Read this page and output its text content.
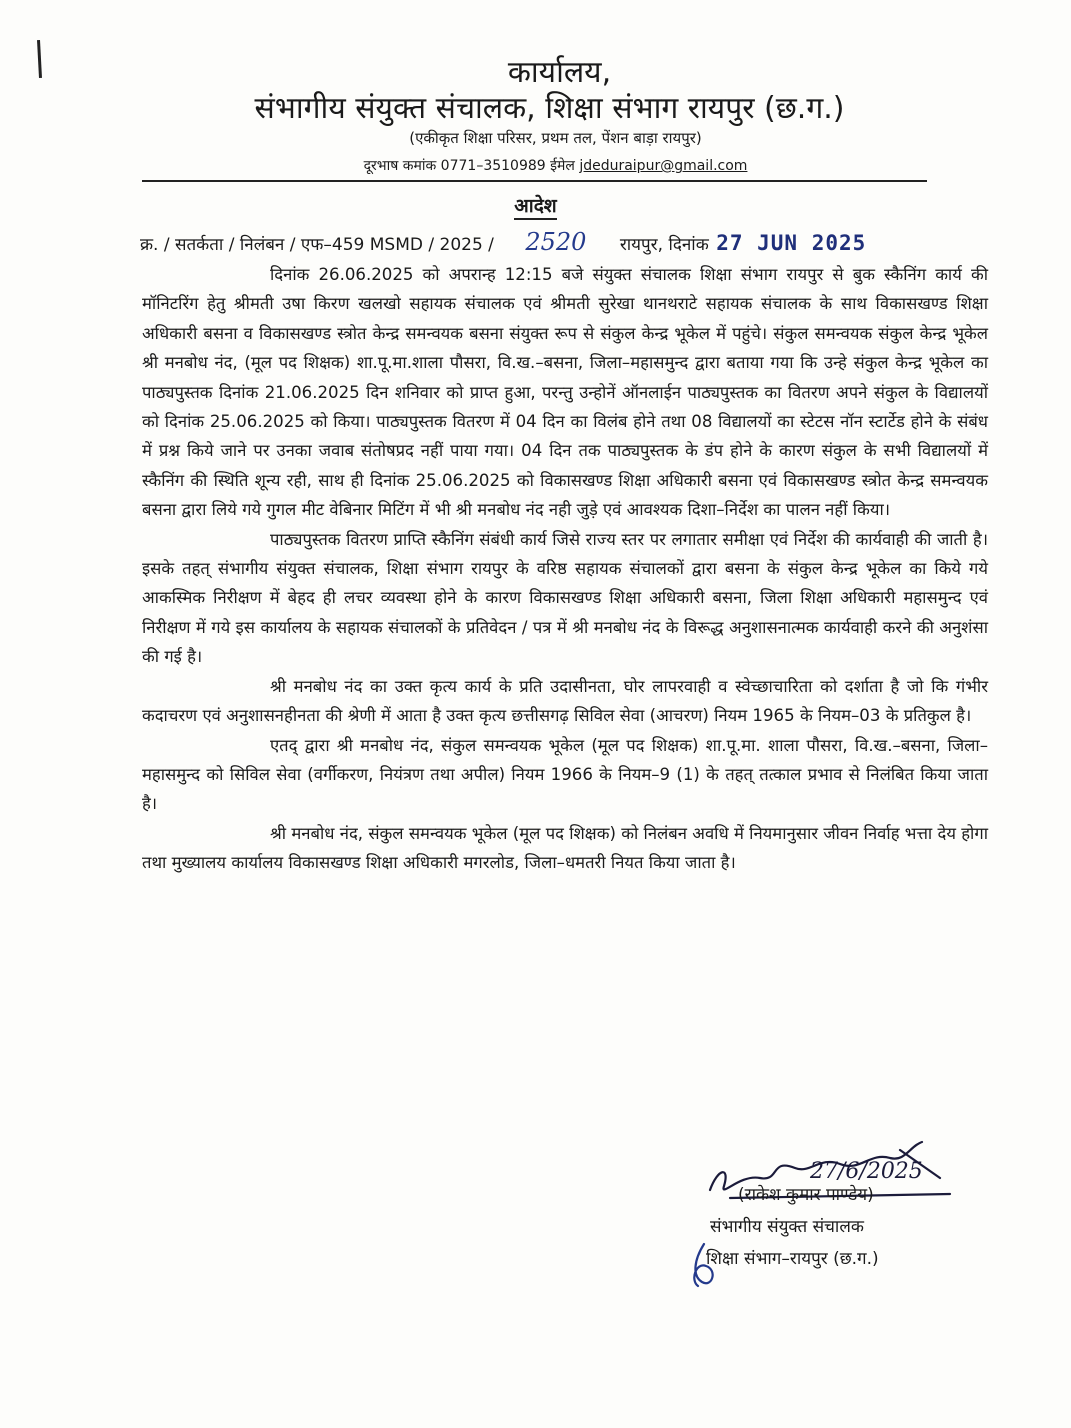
कार्यालय,
संभागीय संयुक्त संचालक, शिक्षा संभाग रायपुर (छ.ग.)
(एकीकृत शिक्षा परिसर, प्रथम तल, पेंशन बाड़ा रायपुर)
दूरभाष कमांक 0771–3510989 ईमेल jdeduraipur@gmail.com
आदेश
क्र. / सतर्कता / निलंबन / एफ–459 MSMD / 2025 / 2520 रायपुर, दिनांक 27 JUN 2025

दिनांक 26.06.2025 को अपरान्ह 12:15 बजे संयुक्त संचालक शिक्षा संभाग रायपुर से बुक स्कैनिंग कार्य की मॉनिटरिंग हेतु श्रीमती उषा किरण खलखो सहायक संचालक एवं श्रीमती सुरेखा थानथराटे सहायक संचालक के साथ विकासखण्ड शिक्षा अधिकारी बसना व विकासखण्ड स्त्रोत केन्द्र समन्वयक बसना संयुक्त रूप से संकुल केन्द्र भूकेल में पहुंचे। संकुल समन्वयक संकुल केन्द्र भूकेल श्री मनबोध नंद, (मूल पद शिक्षक) शा.पू.मा.शाला पौसरा, वि.ख.–बसना, जिला–महासमुन्द द्वारा बताया गया कि उन्हे संकुल केन्द्र भूकेल का पाठ्यपुस्तक दिनांक 21.06.2025 दिन शनिवार को प्राप्त हुआ, परन्तु उन्होनें ऑनलाईन पाठ्यपुस्तक का वितरण अपने संकुल के विद्यालयों को दिनांक 25.06.2025 को किया। पाठ्यपुस्तक वितरण में 04 दिन का विलंब होने तथा 08 विद्यालयों का स्टेटस नॉन स्टार्टेड होने के संबंध में प्रश्न किये जाने पर उनका जवाब संतोषप्रद नहीं पाया गया। 04 दिन तक पाठ्यपुस्तक के डंप होने के कारण संकुल के सभी विद्यालयों में स्कैनिंग की स्थिति शून्य रही, साथ ही दिनांक 25.06.2025 को विकासखण्ड शिक्षा अधिकारी बसना एवं विकासखण्ड स्त्रोत केन्द्र समन्वयक बसना द्वारा लिये गये गुगल मीट वेबिनार मिटिंग में भी श्री मनबोध नंद नही जुड़े एवं आवश्यक दिशा–निर्देश का पालन नहीं किया।

पाठ्यपुस्तक वितरण प्राप्ति स्कैनिंग संबंधी कार्य जिसे राज्य स्तर पर लगातार समीक्षा एवं निर्देश की कार्यवाही की जाती है। इसके तहत् संभागीय संयुक्त संचालक, शिक्षा संभाग रायपुर के वरिष्ठ सहायक संचालकों द्वारा बसना के संकुल केन्द्र भूकेल का किये गये आकस्मिक निरीक्षण में बेहद ही लचर व्यवस्था होने के कारण विकासखण्ड शिक्षा अधिकारी बसना, जिला शिक्षा अधिकारी महासमुन्द एवं निरीक्षण में गये इस कार्यालय के सहायक संचालकों के प्रतिवेदन / पत्र में श्री मनबोध नंद के विरूद्ध अनुशासनात्मक कार्यवाही करने की अनुशंसा की गई है।

श्री मनबोध नंद का उक्त कृत्य कार्य के प्रति उदासीनता, घोर लापरवाही व स्वेच्छाचारिता को दर्शाता है जो कि गंभीर कदाचरण एवं अनुशासनहीनता की श्रेणी में आता है उक्त कृत्य छत्तीसगढ़ सिविल सेवा (आचरण) नियम 1965 के नियम–03 के प्रतिकुल है।

एतद् द्वारा श्री मनबोध नंद, संकुल समन्वयक भूकेल (मूल पद शिक्षक) शा.पू.मा. शाला पौसरा, वि.ख.–बसना, जिला–महासमुन्द को सिविल सेवा (वर्गीकरण, नियंत्रण तथा अपील) नियम 1966 के नियम–9 (1) के तहत् तत्काल प्रभाव से निलंबित किया जाता है।

श्री मनबोध नंद, संकुल समन्वयक भूकेल (मूल पद शिक्षक) को निलंबन अवधि में नियमानुसार जीवन निर्वाह भत्ता देय होगा तथा मुख्यालय कार्यालय विकासखण्ड शिक्षा अधिकारी मगरलोड, जिला–धमतरी नियत किया जाता है।

27/6/2025
(राकेश कुमार पाण्डेय)
संभागीय संयुक्त संचालक
शिक्षा संभाग–रायपुर (छ.ग.)
